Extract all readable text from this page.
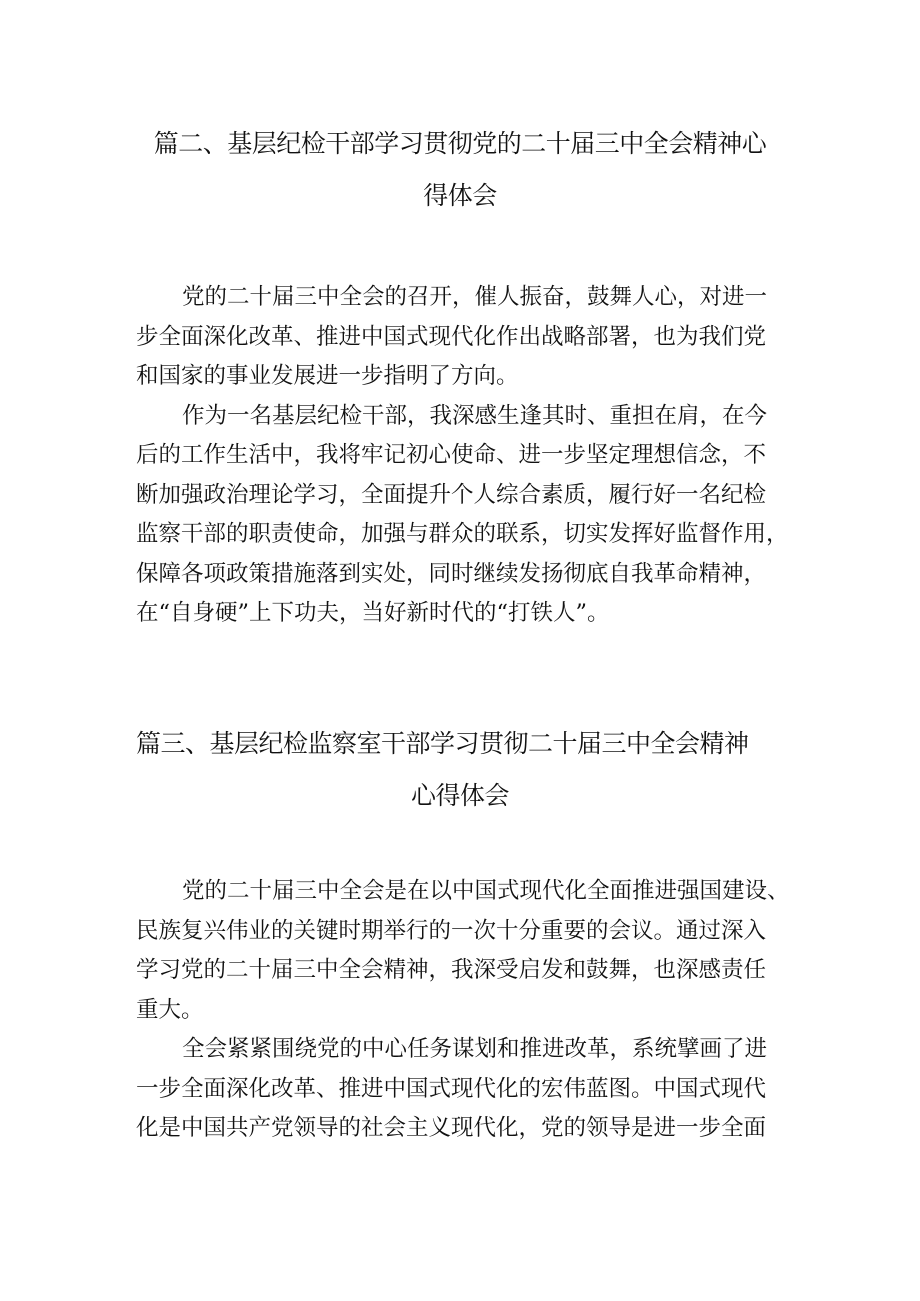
篇二、基层纪检干部学习贯彻党的二十届三中全会精神心
得体会

党的二十届三中全会的召开，催人振奋，鼓舞人心，对进一
步全面深化改革、推进中国式现代化作出战略部署，也为我们党
和国家的事业发展进一步指明了方向。

作为一名基层纪检干部，我深感生逢其时、重担在肩，在今
后的工作生活中，我将牢记初心使命、进一步坚定理想信念，不
断加强政治理论学习，全面提升个人综合素质，履行好一名纪检
监察干部的职责使命，加强与群众的联系，切实发挥好监督作用，
保障各项政策措施落到实处，同时继续发扬彻底自我革命精神，
在“自身硬”上下功夫，当好新时代的“打铁人”。

篇三、基层纪检监察室干部学习贯彻二十届三中全会精神
心得体会

党的二十届三中全会是在以中国式现代化全面推进强国建设、
民族复兴伟业的关键时期举行的一次十分重要的会议。通过深入
学习党的二十届三中全会精神，我深受启发和鼓舞，也深感责任
重大。

全会紧紧围绕党的中心任务谋划和推进改革，系统擘画了进
一步全面深化改革、推进中国式现代化的宏伟蓝图。中国式现代
化是中国共产党领导的社会主义现代化，党的领导是进一步全面
